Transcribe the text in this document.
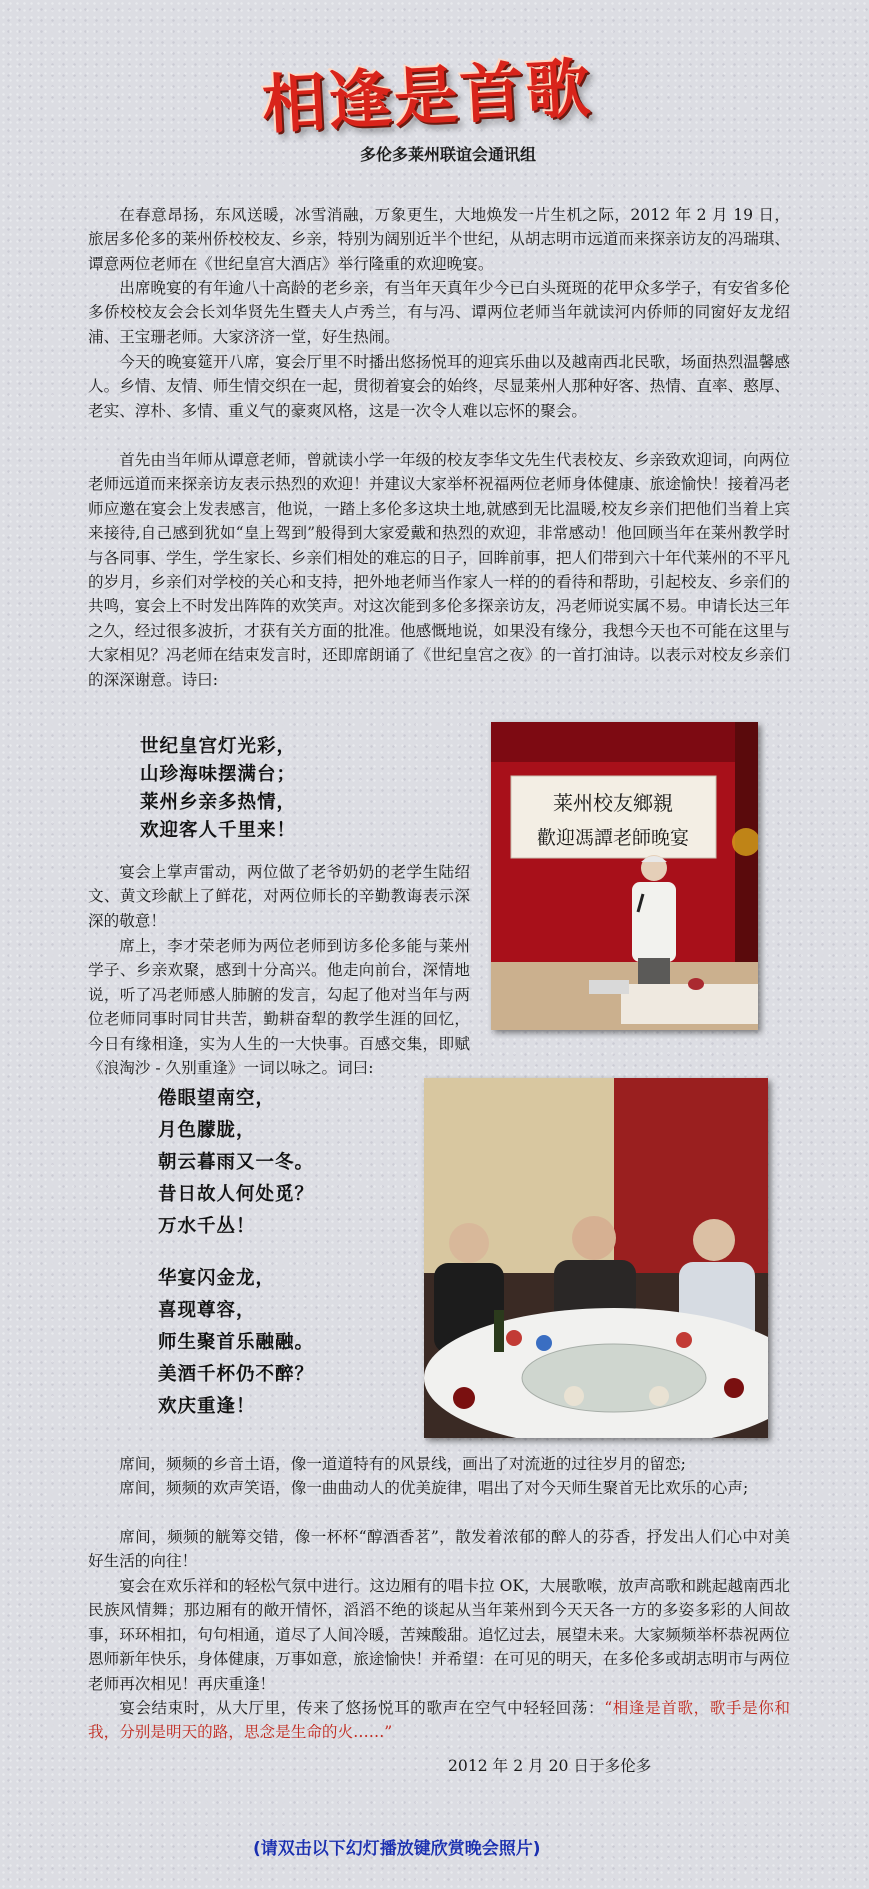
相逢是首歌
多伦多莱州联谊会通讯组

在春意昂扬，东风送暖，冰雪消融，万象更生，大地焕发一片生机之际，2012 年 2 月 19 日，旅居多伦多的莱州侨校校友、乡亲，特别为阔别近半个世纪，从胡志明市远道而来探亲访友的冯瑞琪、谭意两位老师在《世纪皇宫大酒店》举行隆重的欢迎晚宴。

出席晚宴的有年逾八十高龄的老乡亲，有当年天真年少今已白头斑斑的花甲众多学子，有安省多伦多侨校校友会会长刘华贤先生暨夫人卢秀兰，有与冯、谭两位老师当年就读河内侨师的同窗好友龙绍浦、王宝珊老师。大家济济一堂，好生热闹。

今天的晚宴筵开八席，宴会厅里不时播出悠扬悦耳的迎宾乐曲以及越南西北民歌，场面热烈温馨感人。乡情、友情、师生情交织在一起，贯彻着宴会的始终，尽显莱州人那种好客、热情、直率、憨厚、老实、淳朴、多情、重义气的豪爽风格，这是一次令人难以忘怀的聚会。

首先由当年师从谭意老师，曾就读小学一年级的校友李华文先生代表校友、乡亲致欢迎词，向两位老师远道而来探亲访友表示热烈的欢迎！并建议大家举杯祝福两位老师身体健康、旅途愉快！接着冯老师应邀在宴会上发表感言，他说，一踏上多伦多这块土地,就感到无比温暖,校友乡亲们把他们当着上宾来接待,自己感到犹如“皇上驾到”般得到大家爱戴和热烈的欢迎，非常感动！他回顾当年在莱州教学时与各同事、学生，学生家长、乡亲们相处的难忘的日子，回眸前事，把人们带到六十年代莱州的不平凡的岁月，乡亲们对学校的关心和支持，把外地老师当作家人一样的的看待和帮助，引起校友、乡亲们的共鸣，宴会上不时发出阵阵的欢笑声。对这次能到多伦多探亲访友，冯老师说实属不易。申请长达三年之久，经过很多波折，才获有关方面的批准。他感慨地说，如果没有缘分，我想今天也不可能在这里与大家相见？冯老师在结束发言时，还即席朗诵了《世纪皇宫之夜》的一首打油诗。以表示对校友乡亲们的深深谢意。诗曰:

世纪皇宫灯光彩，
山珍海味摆满台；
莱州乡亲多热情，
欢迎客人千里来！
莱州校友鄉親
歡迎馮譚老師晚宴

宴会上掌声雷动，两位做了老爷奶奶的老学生陆绍文、黄文珍献上了鲜花，对两位师长的辛勤教诲表示深深的敬意！

席上，李才荣老师为两位老师到访多伦多能与莱州学子、乡亲欢聚，感到十分高兴。他走向前台，深情地说，听了冯老师感人肺腑的发言，勾起了他对当年与两位老师同事时同甘共苦，勤耕奋犁的教学生涯的回忆，今日有缘相逢，实为人生的一大快事。百感交集，即赋《浪淘沙 - 久别重逢》一词以咏之。词曰:

倦眼望南空，
月色朦胧，
朝云暮雨又一冬。
昔日故人何处觅？
万水千丛！
华宴闪金龙，
喜现尊容，
师生聚首乐融融。
美酒千杯仍不醉？
欢庆重逢！

席间，频频的乡音土语，像一道道特有的风景线，画出了对流逝的过往岁月的留恋;

席间，频频的欢声笑语，像一曲曲动人的优美旋律，唱出了对今天师生聚首无比欢乐的心声;

席间，频频的觥筹交错，像一杯杯“醇酒香茗”，散发着浓郁的醉人的芬香，抒发出人们心中对美好生活的向往！

宴会在欢乐祥和的轻松气氛中进行。这边厢有的唱卡拉 OK，大展歌喉，放声高歌和跳起越南西北民族风情舞；那边厢有的敞开情怀，滔滔不绝的谈起从当年莱州到今天天各一方的多姿多彩的人间故事，环环相扣，句句相通，道尽了人间冷暖，苦辣酸甜。追忆过去，展望未来。大家频频举杯恭祝两位恩师新年快乐，身体健康，万事如意，旅途愉快！并希望：在可见的明天，在多伦多或胡志明市与两位老师再次相见！再庆重逢！

宴会结束时，从大厅里，传来了悠扬悦耳的歌声在空气中轻轻回荡：“相逢是首歌，歌手是你和我，分别是明天的路，思念是生命的火……”

2012 年 2 月 20 日于多伦多
(请双击以下幻灯播放键欣赏晚会照片)
